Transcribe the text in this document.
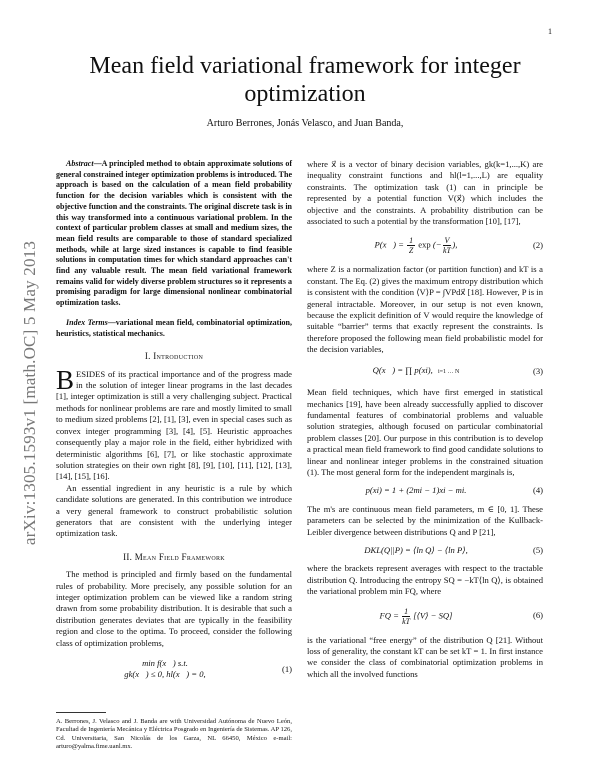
1
arXiv:1305.1593v1 [math.OC] 5 May 2013
Mean field variational framework for integer optimization
Arturo Berrones, Jonás Velasco, and Juan Banda,

Abstract—A principled method to obtain approximate solutions of general constrained integer optimization problems is introduced. The approach is based on the calculation of a mean field probability function for the decision variables which is consistent with the objective function and the constraints. The original discrete task is in this way transformed into a continuous variational problem. In the context of particular problem classes at small and medium sizes, the mean field results are comparable to those of standard specialized methods, while at large sized instances is capable to find feasible solutions in computation times for which standard approaches can't find any valuable result. The mean field variational framework remains valid for widely diverse problem structures so it represents a promising paradigm for large dimensional nonlinear combinatorial optimization tasks.

Index Terms—variational mean field, combinatorial optimization, heuristics, statistical mechanics.

I. Introduction

BESIDES of its practical importance and of the progress made in the solution of integer linear programs in the last decades [1], integer optimization is still a very challenging subject. Practical methods for nonlinear problems are rare and mostly limited to small to medium sized problems [2], [1], [3], even in special cases such as convex integer programming [3], [4], [5]. Heuristic approaches consequently play a major role in the field, either hybridized with deterministic algorithms [6], [7], or like stochastic approximate solution strategies on their own right [8], [9], [10], [11], [12], [13], [14], [15], [16].

An essential ingredient in any heuristic is a rule by which candidate solutions are generated. In this contribution we introduce a very general framework to construct probabilistic solution generators that are consistent with the underlying integer optimization task.

II. Mean Field Framework

The method is principled and firmly based on the fundamental rules of probability. More precisely, any possible solution for an integer optimization problem can be viewed like a random string drawn from some probability distribution. It is desirable that such a distribution generates deviates that are typically in the feasibility region and close to the optima. To proceed, consider the following class of optimization problems,

min f(x⃗) s.t.
gk(x⃗) ≤ 0, hl(x⃗) = 0,
(1)
A. Berrones, J. Velasco and J. Banda are with Universidad Autónoma de Nuevo León, Facultad de Ingeniería Mecánica y Eléctrica Posgrado en Ingeniería de Sistemas. AP 126, Cd. Universitaria, San Nicolás de los Garza, NL 66450, México e-mail: arturo@yalma.fime.uanl.mx.

where x⃗ is a vector of binary decision variables, gk(k=1,...,K) are inequality constraint functions and hl(l=1,...,L) are equality constraints. The optimization task (1) can in principle be represented by a potential function V(x⃗) which includes the objective and the constraints. A probability distribution can be associated to such a potential by the transformation [10], [17],

P(x⃗) = $\frac{1}{Z}$ exp (− $\frac{V}{kT}$ ),	(2)

where Z is a normalization factor (or partition function) and kT is a constant. The Eq. (2) gives the maximum entropy distribution which is consistent with the condition ⟨V⟩P = ∫VPdx⃗ [18]. However, P is in general intractable. Moreover, in our setup is not even known, because the explicit definition of V would require the knowledge of suitable “barrier” terms that exactly represent the constraints. Is therefore proposed the following mean field probabilistic model for the decision variables,

Q(x⃗) = ∏ p(xi), i=1 … N	(3)

Mean field techniques, which have first emerged in statistical mechanics [19], have been already successfully applied to discover fundamental features of combinatorial problems and valuable solution strategies, although focused on particular combinatorial problem classes [20]. Our purpose in this contribution is to develop a practical mean field framework to find good candidate solutions to linear and nonlinear integer problems in the constrained situation (1). The most general form for the independent marginals is,

p(xi) = 1 + (2mi − 1)xi − mi.	(4)

The m's are continuous mean field parameters, m ∈ [0, 1]. These parameters can be selected by the minimization of the Kullback-Leibler divergence between distributions Q and P [21],

DKL(Q||P) = ⟨ln Q⟩ − ⟨ln P⟩,	(5)

where the brackets represent averages with respect to the tractable distribution Q. Introducing the entropy SQ = −kT⟨ln Q⟩, is obtained the variational problem min FQ, where

FQ = $\frac{1}{kT}$ [⟨V⟩ − SQ]	(6)

is the variational “free energy” of the distribution Q [21]. Without loss of generality, the constant kT can be set kT = 1. In first instance we consider the class of combinatorial optimization problems in which all the involved functions
